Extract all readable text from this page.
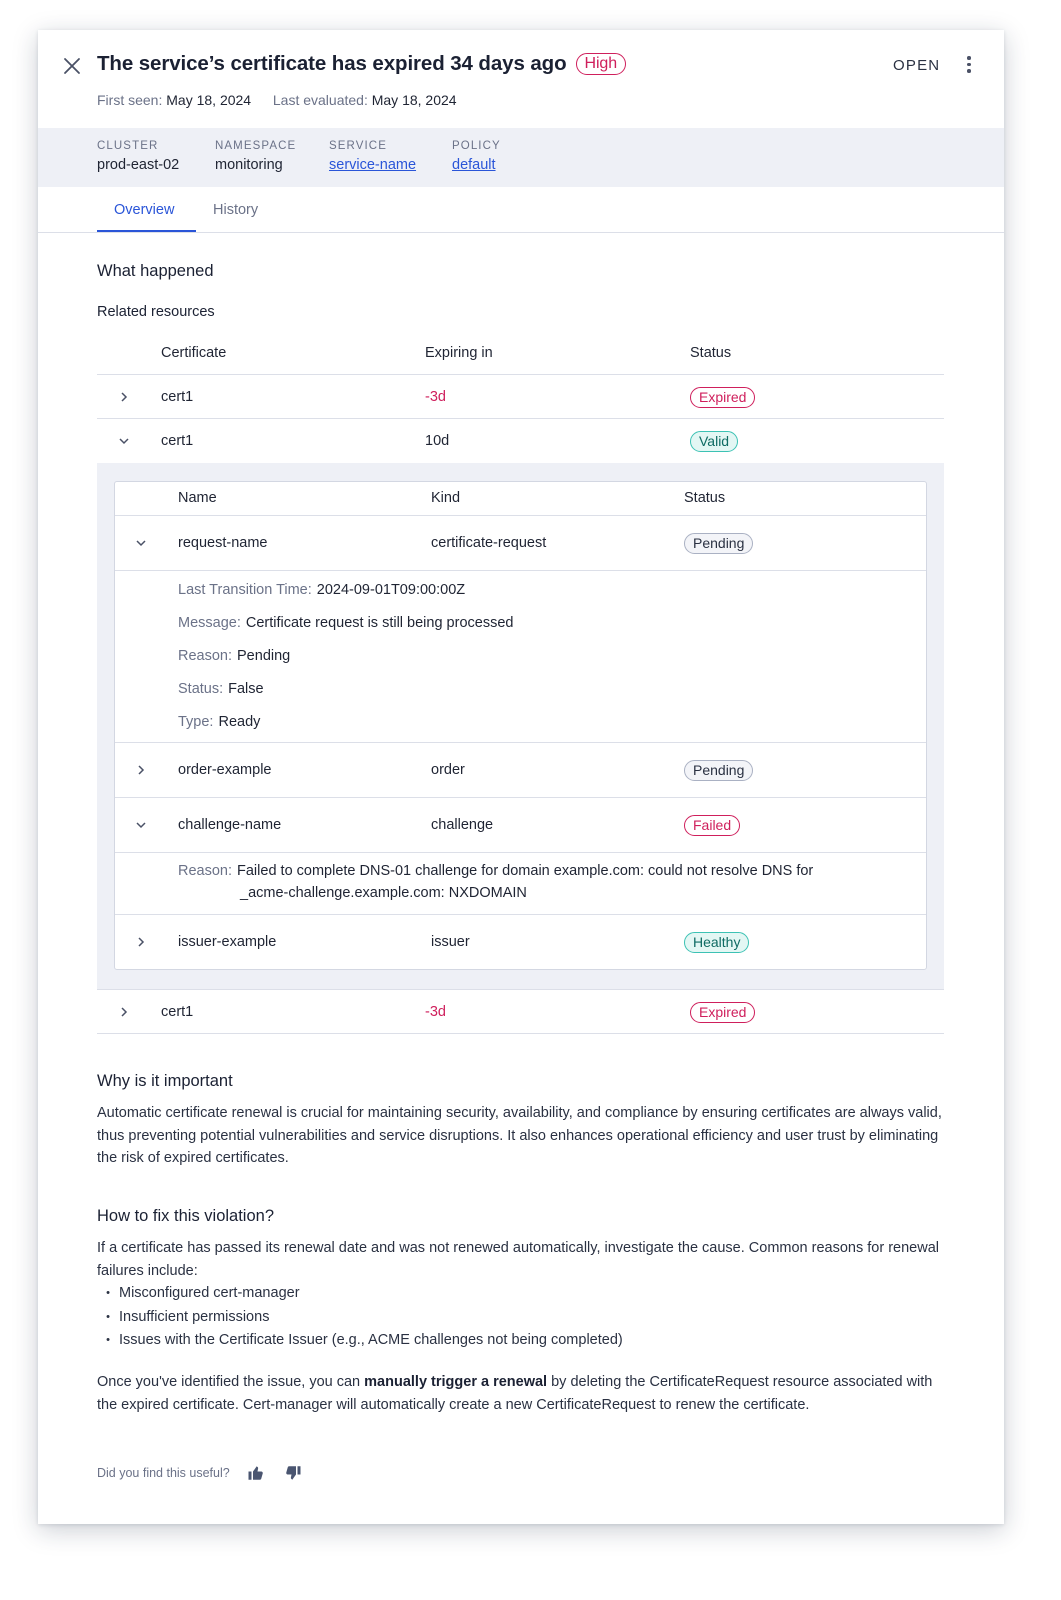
The service’s certificate has expired 34 days ago High	OPEN
First seen: May 18, 2024 Last evaluated: May 18, 2024
CLUSTER
prod-east-02
NAMESPACE
monitoring
SERVICE
service-name
POLICY
default
Overview	History
What happened
Related resources
Certificate	Expiring in	Status
cert1	-3d	Expired
cert1	10d	Valid
Name	Kind	Status
request-name	certificate-request	Pending
Last Transition Time: 2024-09-01T09:00:00Z
Message: Certificate request is still being processed
Reason: Pending
Status: False
Type: Ready
order-example	order	Pending
challenge-name	challenge	Failed
Reason: Failed to complete DNS-01 challenge for domain example.com: could not resolve DNS for
_acme-challenge.example.com: NXDOMAIN
issuer-example	issuer	Healthy
cert1	-3d	Expired
Why is it important
Automatic certificate renewal is crucial for maintaining security, availability, and compliance by ensuring certificates are always valid, thus preventing potential vulnerabilities and service disruptions. It also enhances operational efficiency and user trust by eliminating the risk of expired certificates.
How to fix this violation?
If a certificate has passed its renewal date and was not renewed automatically, investigate the cause. Common reasons for renewal failures include:
• Misconfigured cert-manager
• Insufficient permissions
• Issues with the Certificate Issuer (e.g., ACME challenges not being completed)
Once you've identified the issue, you can manually trigger a renewal by deleting the CertificateRequest resource associated with the expired certificate. Cert-manager will automatically create a new CertificateRequest to renew the certificate.
Did you find this useful?
